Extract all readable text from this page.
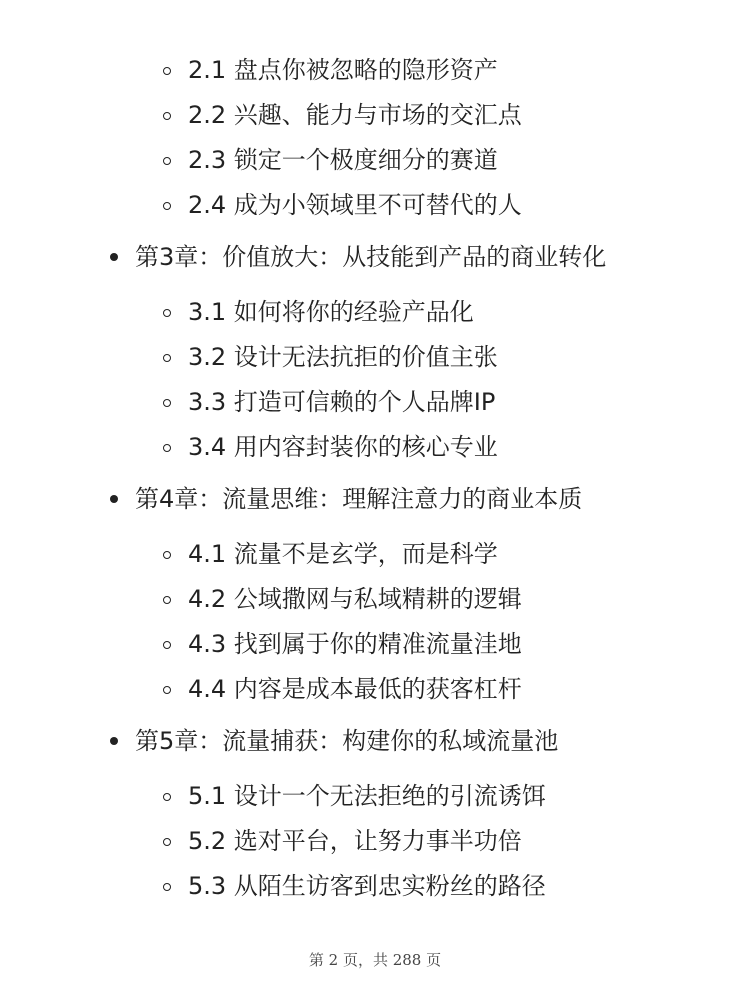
2.1 盘点你被忽略的隐形资产
2.2 兴趣、能力与市场的交汇点
2.3 锁定一个极度细分的赛道
2.4 成为小领域里不可替代的人
第3章：价值放大：从技能到产品的商业转化
3.1 如何将你的经验产品化
3.2 设计无法抗拒的价值主张
3.3 打造可信赖的个人品牌IP
3.4 用内容封装你的核心专业
第4章：流量思维：理解注意力的商业本质
4.1 流量不是玄学，而是科学
4.2 公域撒网与私域精耕的逻辑
4.3 找到属于你的精准流量洼地
4.4 内容是成本最低的获客杠杆
第5章：流量捕获：构建你的私域流量池
5.1 设计一个无法拒绝的引流诱饵
5.2 选对平台，让努力事半功倍
5.3 从陌生访客到忠实粉丝的路径
第 2 页，共 288 页
